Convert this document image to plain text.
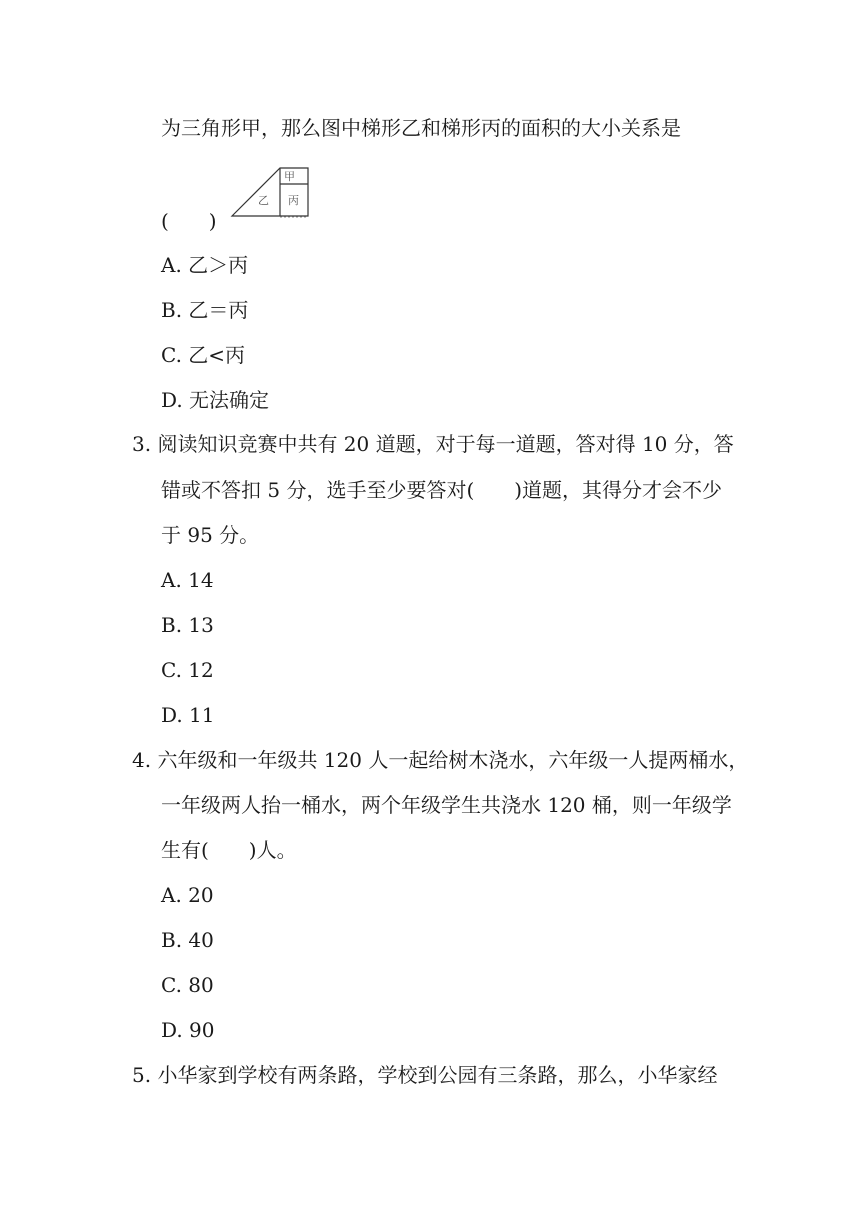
为三角形甲，那么图中梯形乙和梯形丙的面积的大小关系是
甲
乙 丙
(　　)
A. 乙＞丙
B. 乙＝丙
C. 乙<丙
D. 无法确定
3. 阅读知识竞赛中共有 20 道题，对于每一道题，答对得 10 分，答
错或不答扣 5 分，选手至少要答对(　　)道题，其得分才会不少
于 95 分。
A. 14
B. 13
C. 12
D. 11
4. 六年级和一年级共 120 人一起给树木浇水，六年级一人提两桶水，
一年级两人抬一桶水，两个年级学生共浇水 120 桶，则一年级学
生有(　　)人。
A. 20
B. 40
C. 80
D. 90
5. 小华家到学校有两条路，学校到公园有三条路，那么，小华家经
